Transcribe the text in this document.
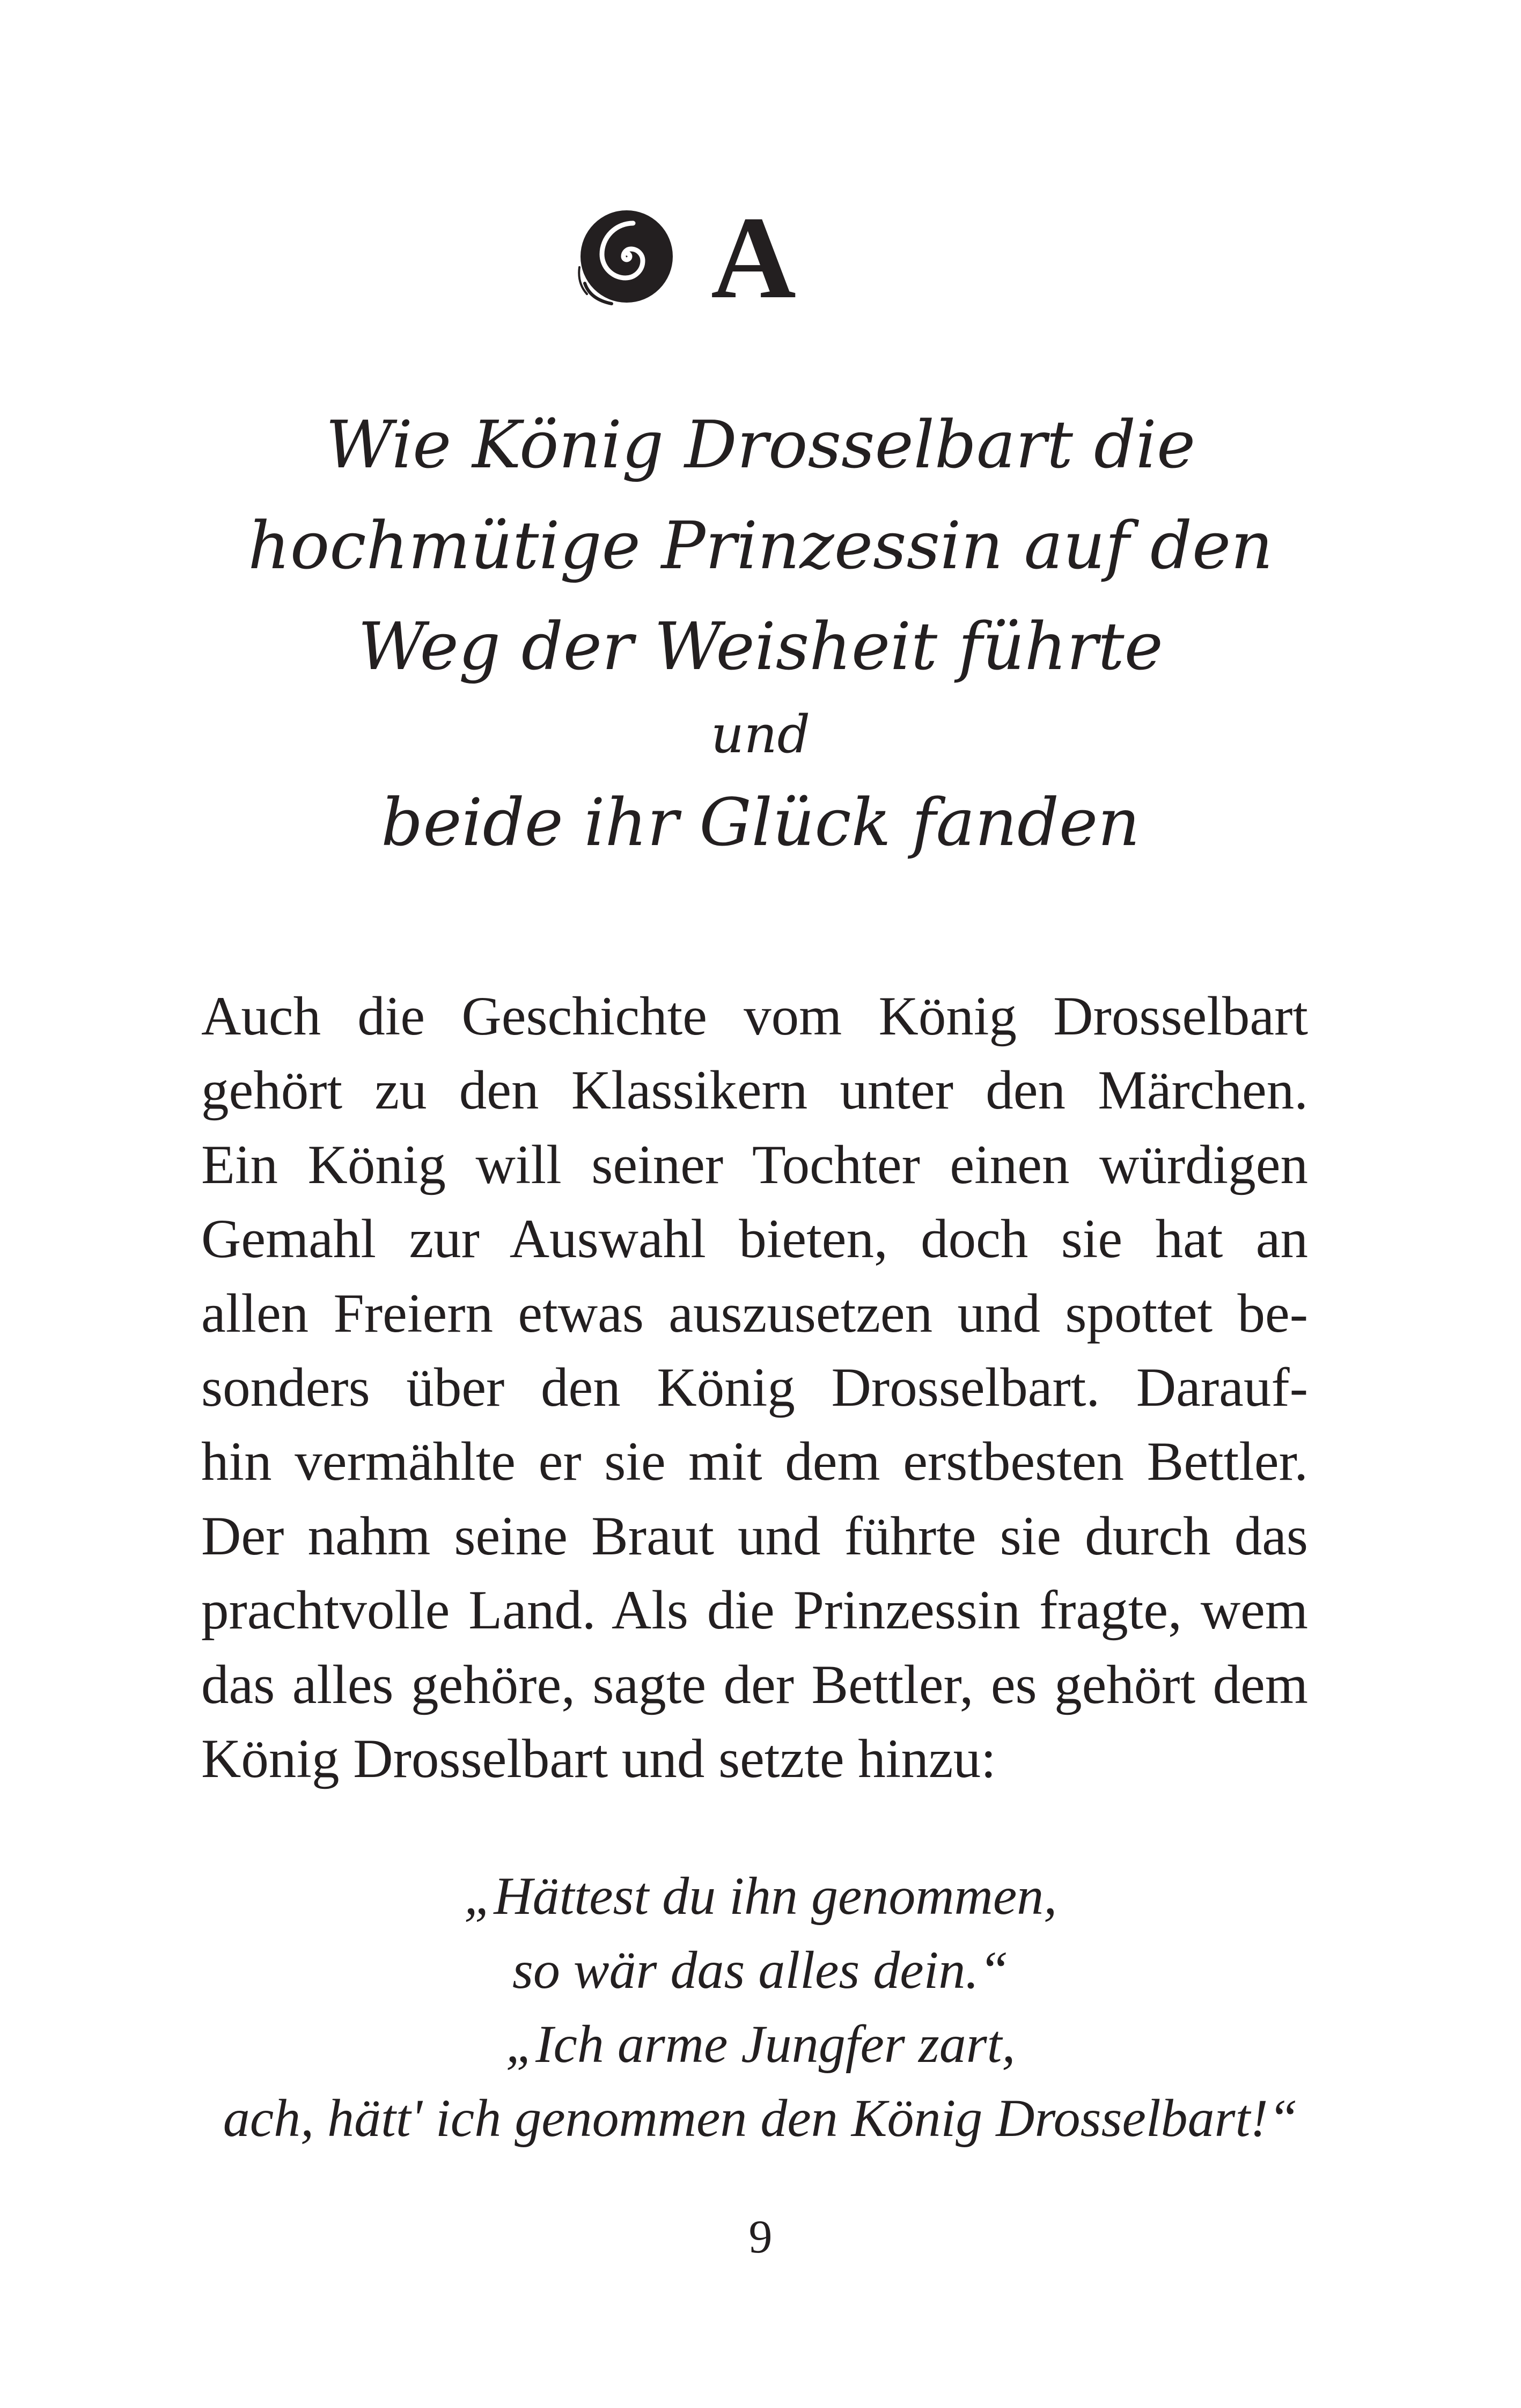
A
Wie König Drosselbart die
hochmütige Prinzessin auf den
Weg der Weisheit führte
und
beide ihr Glück fanden

Auch die Geschichte vom König Drosselbart
gehört zu den Klassikern unter den Märchen.
Ein König will seiner Tochter einen würdigen
Gemahl zur Auswahl bieten, doch sie hat an
allen Freiern etwas auszusetzen und spottet be-
sonders über den König Drosselbart. Darauf-
hin vermählte er sie mit dem erstbesten Bettler.
Der nahm seine Braut und führte sie durch das
prachtvolle Land. Als die Prinzessin fragte, wem
das alles gehöre, sagte der Bettler, es gehört dem
König Drosselbart und setzte hinzu:

„Hättest du ihn genommen,
so wär das alles dein.“
„Ich arme Jungfer zart,
ach, hätt' ich genommen den König Drosselbart!“

9
